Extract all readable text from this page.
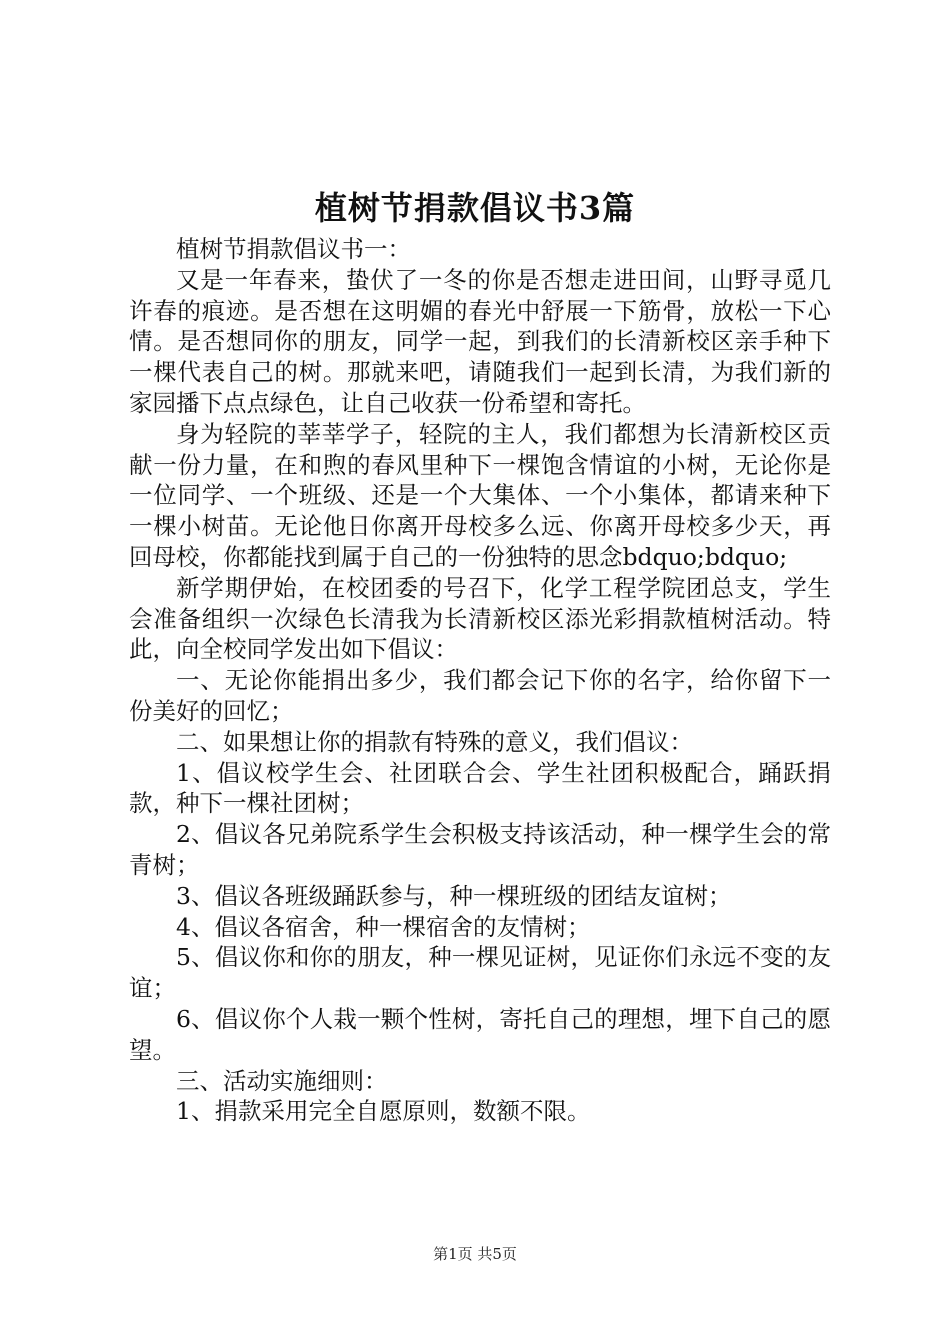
植树节捐款倡议书3篇

植树节捐款倡议书一：

又是一年春来，蛰伏了一冬的你是否想走进田间，山野寻觅几许春的痕迹。是否想在这明媚的春光中舒展一下筋骨，放松一下心情。是否想同你的朋友，同学一起，到我们的长清新校区亲手种下一棵代表自己的树。那就来吧，请随我们一起到长清，为我们新的家园播下点点绿色，让自己收获一份希望和寄托。

身为轻院的莘莘学子，轻院的主人，我们都想为长清新校区贡献一份力量，在和煦的春风里种下一棵饱含情谊的小树，无论你是一位同学、一个班级、还是一个大集体、一个小集体，都请来种下一棵小树苗。无论他日你离开母校多么远、你离开母校多少天，再回母校，你都能找到属于自己的一份独特的思念bdquo;bdquo;

新学期伊始，在校团委的号召下，化学工程学院团总支，学生会准备组织一次绿色长清我为长清新校区添光彩捐款植树活动。特此，向全校同学发出如下倡议：

一、无论你能捐出多少，我们都会记下你的名字，给你留下一份美好的回忆；

二、如果想让你的捐款有特殊的意义，我们倡议：

1、倡议校学生会、社团联合会、学生社团积极配合，踊跃捐款，种下一棵社团树；

2、倡议各兄弟院系学生会积极支持该活动，种一棵学生会的常青树；

3、倡议各班级踊跃参与，种一棵班级的团结友谊树；

4、倡议各宿舍，种一棵宿舍的友情树；

5、倡议你和你的朋友，种一棵见证树，见证你们永远不变的友谊；

6、倡议你个人栽一颗个性树，寄托自己的理想，埋下自己的愿望。

三、活动实施细则：

1、捐款采用完全自愿原则，数额不限。

第1页 共5页
